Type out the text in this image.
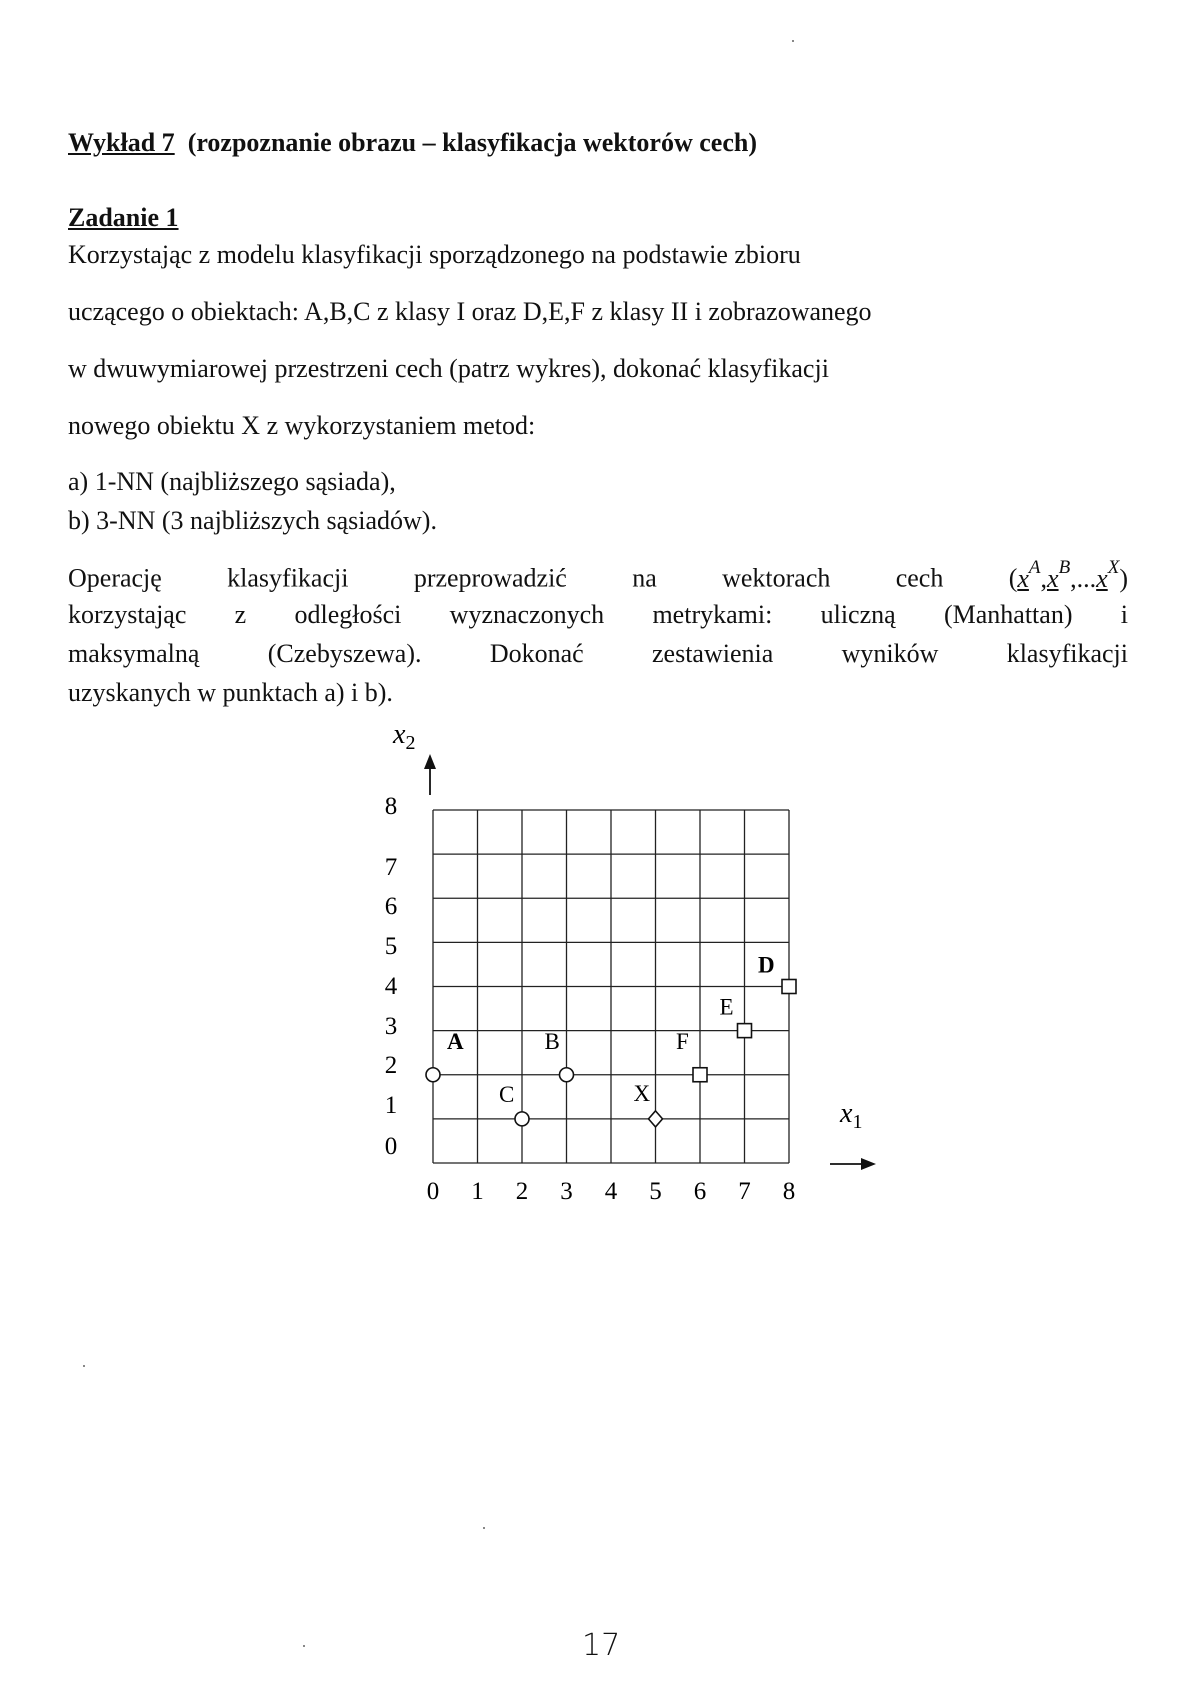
Wykład 7 (rozpoznanie obrazu – klasyfikacja wektorów cech)
Zadanie 1
Korzystając z modelu klasyfikacji sporządzonego na podstawie zbioru
uczącego o obiektach: A,B,C z klasy I oraz D,E,F z klasy II i zobrazowanego
w dwuwymiarowej przestrzeni cech (patrz wykres), dokonać klasyfikacji
nowego obiektu X z wykorzystaniem metod:
a) 1-NN (najbliższego sąsiada),
b) 3-NN (3 najbliższych sąsiadów).
Operację klasyfikacji przeprowadzić na wektorach cech $(x^A,x^B,...x^X)$
korzystając z odległości wyznaczonych metrykami: uliczną (Manhattan) i
maksymalną (Czebyszewa). Dokonać zestawienia wyników klasyfikacji
uzyskanych w punktach a) i b).
$x_2$
$x_1$
0 1 2 3 4 5 6 7 8
0
1
2
3
4
5
6
7
8
A	B
C
D
E
F
X
17
